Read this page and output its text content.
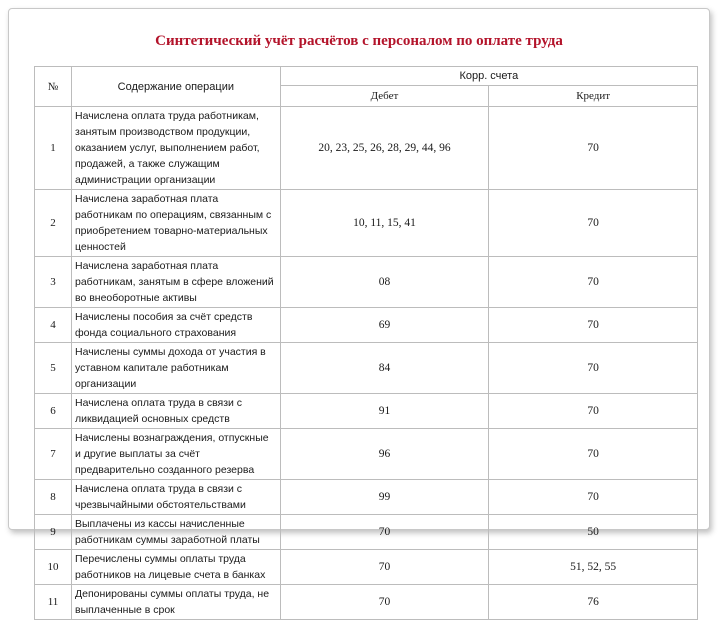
Синтетический учёт расчётов с персоналом по оплате труда
№	Содержание операции	Корр. счета	
		Дебет	Кредит
1	Начислена оплата труда работникам, занятым производством продукции, оказанием услуг, выполнением работ, продажей, а также служащим администрации организации	20, 23, 25, 26, 28, 29, 44, 96	70
2	Начислена заработная плата работникам по операциям, связанным с приобретением товарно-материальных ценностей	10, 11, 15, 41	70
3	Начислена заработная плата работникам, занятым в сфере вложений во внеоборотные активы	08	70
4	Начислены пособия за счёт средств фонда социального страхования	69	70
5	Начислены суммы дохода от участия в уставном капитале работникам организации	84	70
6	Начислена оплата труда в связи с ликвидацией основных средств	91	70
7	Начислены вознаграждения, отпускные и другие выплаты за счёт предварительно созданного резерва	96	70
8	Начислена оплата труда в связи с чрезвычайными обстоятельствами	99	70
9	Выплачены из кассы начисленные работникам суммы заработной платы	70	50
10	Перечислены суммы оплаты труда работников на лицевые счета в банках	70	51, 52, 55
11	Депонированы суммы оплаты труда, не выплаченные в срок	70	76
